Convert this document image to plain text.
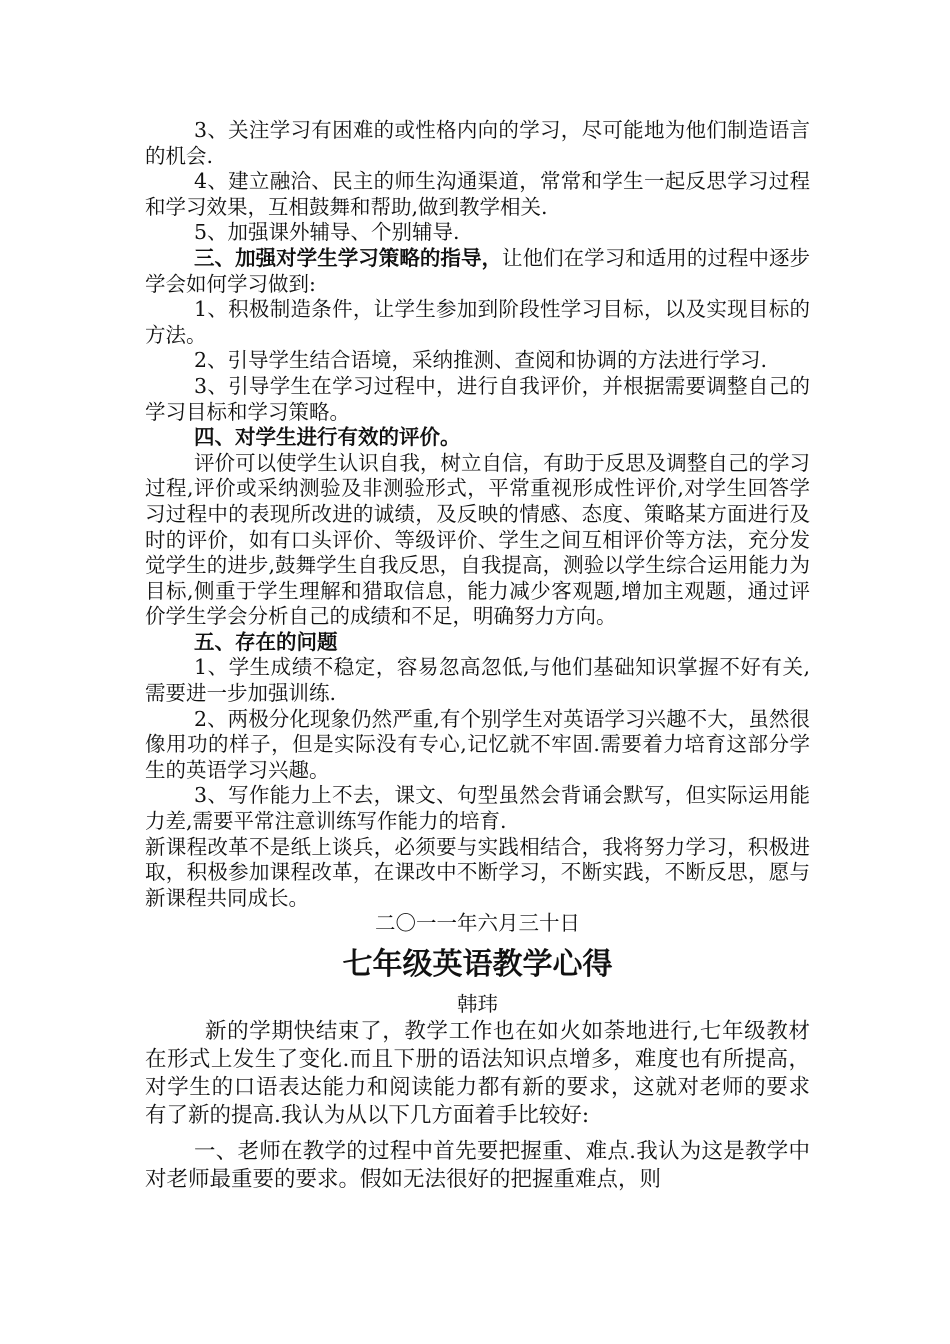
3、关注学习有困难的或性格内向的学习，尽可能地为他们制造语言的机会.

4、建立融洽、民主的师生沟通渠道，常常和学生一起反思学习过程和学习效果，互相鼓舞和帮助,做到教学相关.

5、加强课外辅导、个别辅导.

三、加强对学生学习策略的指导，让他们在学习和适用的过程中逐步学会如何学习做到:

1、积极制造条件，让学生参加到阶段性学习目标，以及实现目标的方法。

2、引导学生结合语境，采纳推测、查阅和协调的方法进行学习.

3、引导学生在学习过程中，进行自我评价，并根据需要调整自己的学习目标和学习策略。

四、对学生进行有效的评价。

评价可以使学生认识自我，树立自信，有助于反思及调整自己的学习过程,评价或采纳测验及非测验形式，平常重视形成性评价,对学生回答学习过程中的表现所改进的诚绩，及反映的情感、态度、策略某方面进行及时的评价，如有口头评价、等级评价、学生之间互相评价等方法，充分发觉学生的进步,鼓舞学生自我反思，自我提高，测验以学生综合运用能力为目标,侧重于学生理解和猎取信息，能力减少客观题,增加主观题，通过评价学生学会分析自己的成绩和不足，明确努力方向。

五、存在的问题

1、学生成绩不稳定，容易忽高忽低,与他们基础知识掌握不好有关,需要进一步加强训练.

2、两极分化现象仍然严重,有个别学生对英语学习兴趣不大，虽然很像用功的样子，但是实际没有专心,记忆就不牢固.需要着力培育这部分学生的英语学习兴趣。

3、写作能力上不去，课文、句型虽然会背诵会默写，但实际运用能力差,需要平常注意训练写作能力的培育.

新课程改革不是纸上谈兵，必须要与实践相结合，我将努力学习，积极进取，积极参加课程改革，在课改中不断学习，不断实践，不断反思，愿与新课程共同成长。

二〇一一年六月三十日

七年级英语教学心得

韩玮

新的学期快结束了，教学工作也在如火如荼地进行,七年级教材在形式上发生了变化.而且下册的语法知识点增多，难度也有所提高，对学生的口语表达能力和阅读能力都有新的要求，这就对老师的要求有了新的提高.我认为从以下几方面着手比较好:

一、老师在教学的过程中首先要把握重、难点.我认为这是教学中对老师最重要的要求。假如无法很好的把握重难点，则
